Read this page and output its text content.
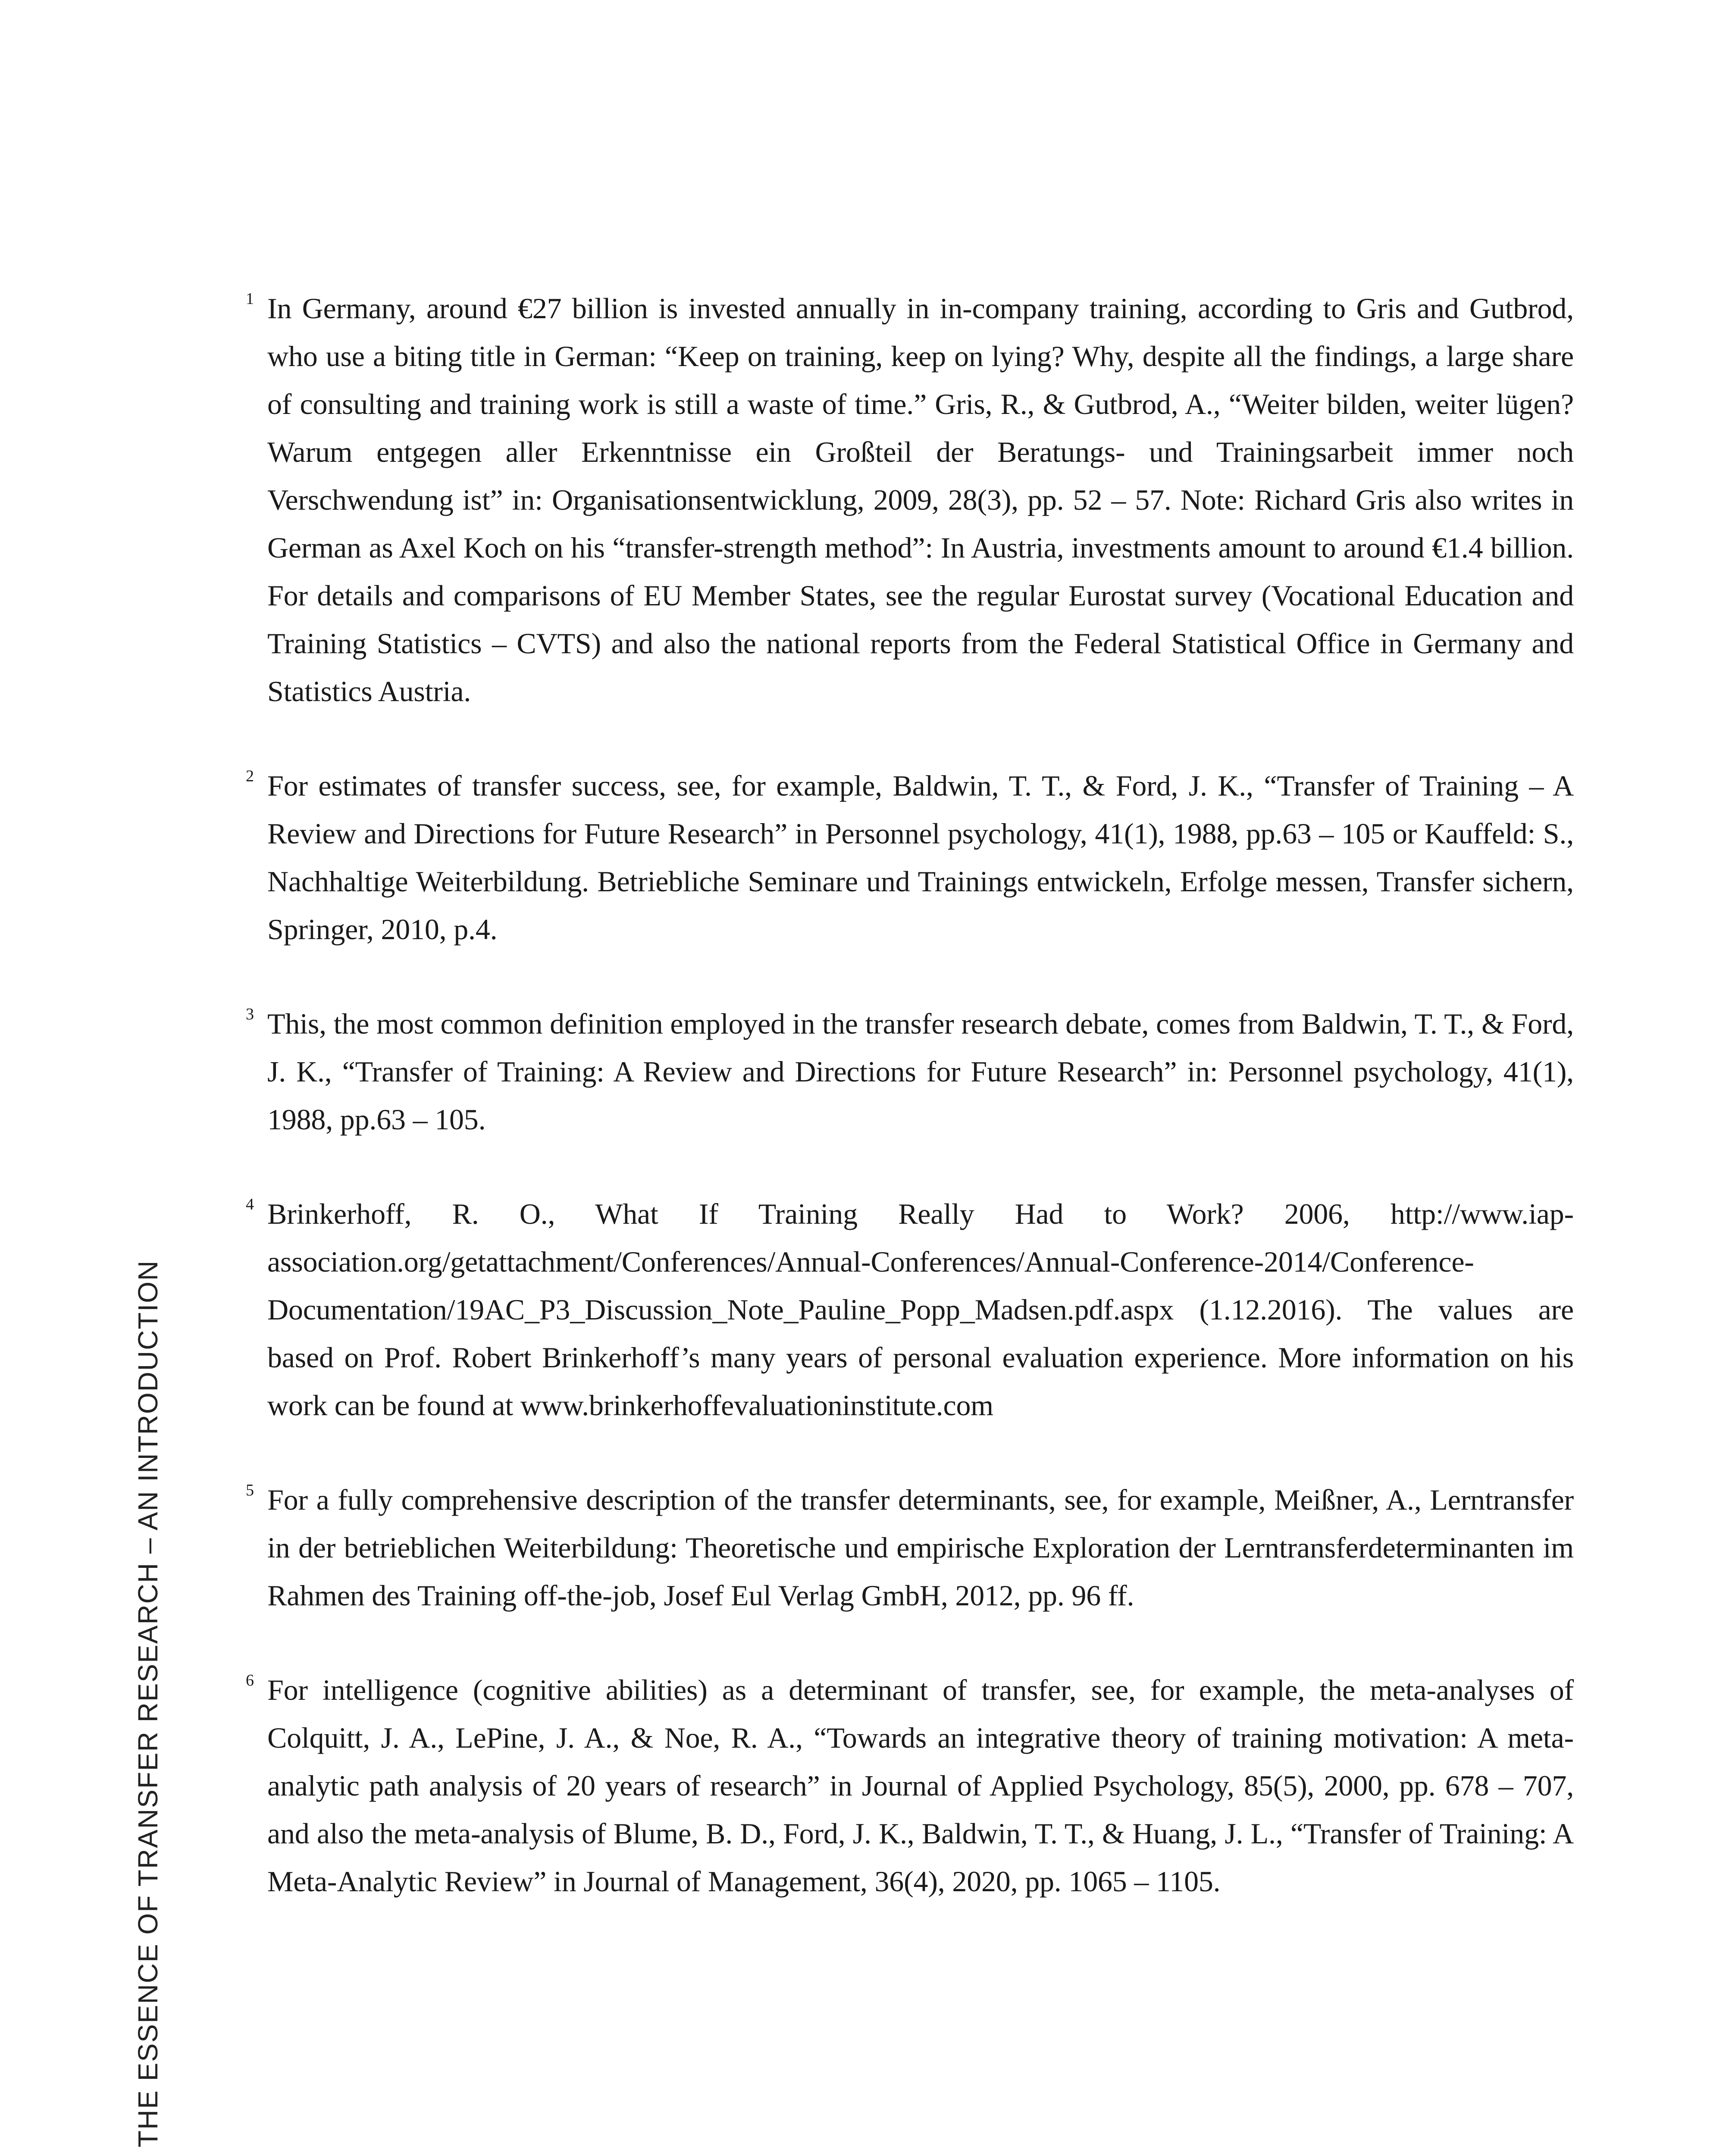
1 In Germany, around €27 billion is invested annually in in-company training, according to Gris and Gutbrod, who use a biting title in German: “Keep on training, keep on lying? Why, despite all the findings, a large share of consulting and training work is still a waste of time.” Gris, R., & Gutbrod, A., “Weiter bilden, weiter lügen? Warum entgegen aller Erkenntnisse ein Großteil der Beratungs- und Trainingsarbeit immer noch Verschwendung ist” in: Organisationsentwicklung, 2009, 28(3), pp. 52 – 57. Note: Richard Gris also writes in German as Axel Koch on his “transfer-strength method”: In Austria, investments amount to around €1.4 billion. For details and comparisons of EU Member States, see the regular Eurostat survey (Vocational Education and Training Statistics – CVTS) and also the national reports from the Federal Statistical Office in Germany and Statistics Austria.
2 For estimates of transfer success, see, for example, Baldwin, T. T., & Ford, J. K., “Transfer of Training – A Review and Directions for Future Research” in Personnel psychology, 41(1), 1988, pp.63 – 105 or Kauffeld: S., Nachhaltige Weiterbildung. Betriebliche Seminare und Trainings entwickeln, Erfolge messen, Transfer sichern, Springer, 2010, p.4.
3 This, the most common definition employed in the transfer research debate, comes from Baldwin, T. T., & Ford, J. K., “Transfer of Training: A Review and Directions for Future Research” in: Personnel psychology, 41(1), 1988, pp.63 – 105.
4 Brinkerhoff, R. O., What If Training Really Had to Work? 2006, http://www.iap-association.org/getattachment/Conferences/Annual-Conferences/Annual-Conference-2014/Conference-Documentation/19AC_P3_Discussion_Note_Pauline_Popp_Madsen.pdf.aspx (1.12.2016). The values are based on Prof. Robert Brinkerhoff’s many years of personal evaluation experience. More information on his work can be found at www.brinkerhoffevaluationinstitute.com
5 For a fully comprehensive description of the transfer determinants, see, for example, Meißner, A., Lerntransfer in der betrieblichen Weiterbildung: Theoretische und empirische Exploration der Lerntransferdeterminanten im Rahmen des Training off-the-job, Josef Eul Verlag GmbH, 2012, pp. 96 ff.
6 For intelligence (cognitive abilities) as a determinant of transfer, see, for example, the meta-analyses of Colquitt, J. A., LePine, J. A., & Noe, R. A., “Towards an integrative theory of training motivation: A meta-analytic path analysis of 20 years of research” in Journal of Applied Psychology, 85(5), 2000, pp. 678 – 707, and also the meta-analysis of Blume, B. D., Ford, J. K., Baldwin, T. T., & Huang, J. L., “Transfer of Training: A Meta-Analytic Review” in Journal of Management, 36(4), 2020, pp. 1065 – 1105.
THE ESSENCE OF TRANSFER RESEARCH – AN INTRODUCTION
